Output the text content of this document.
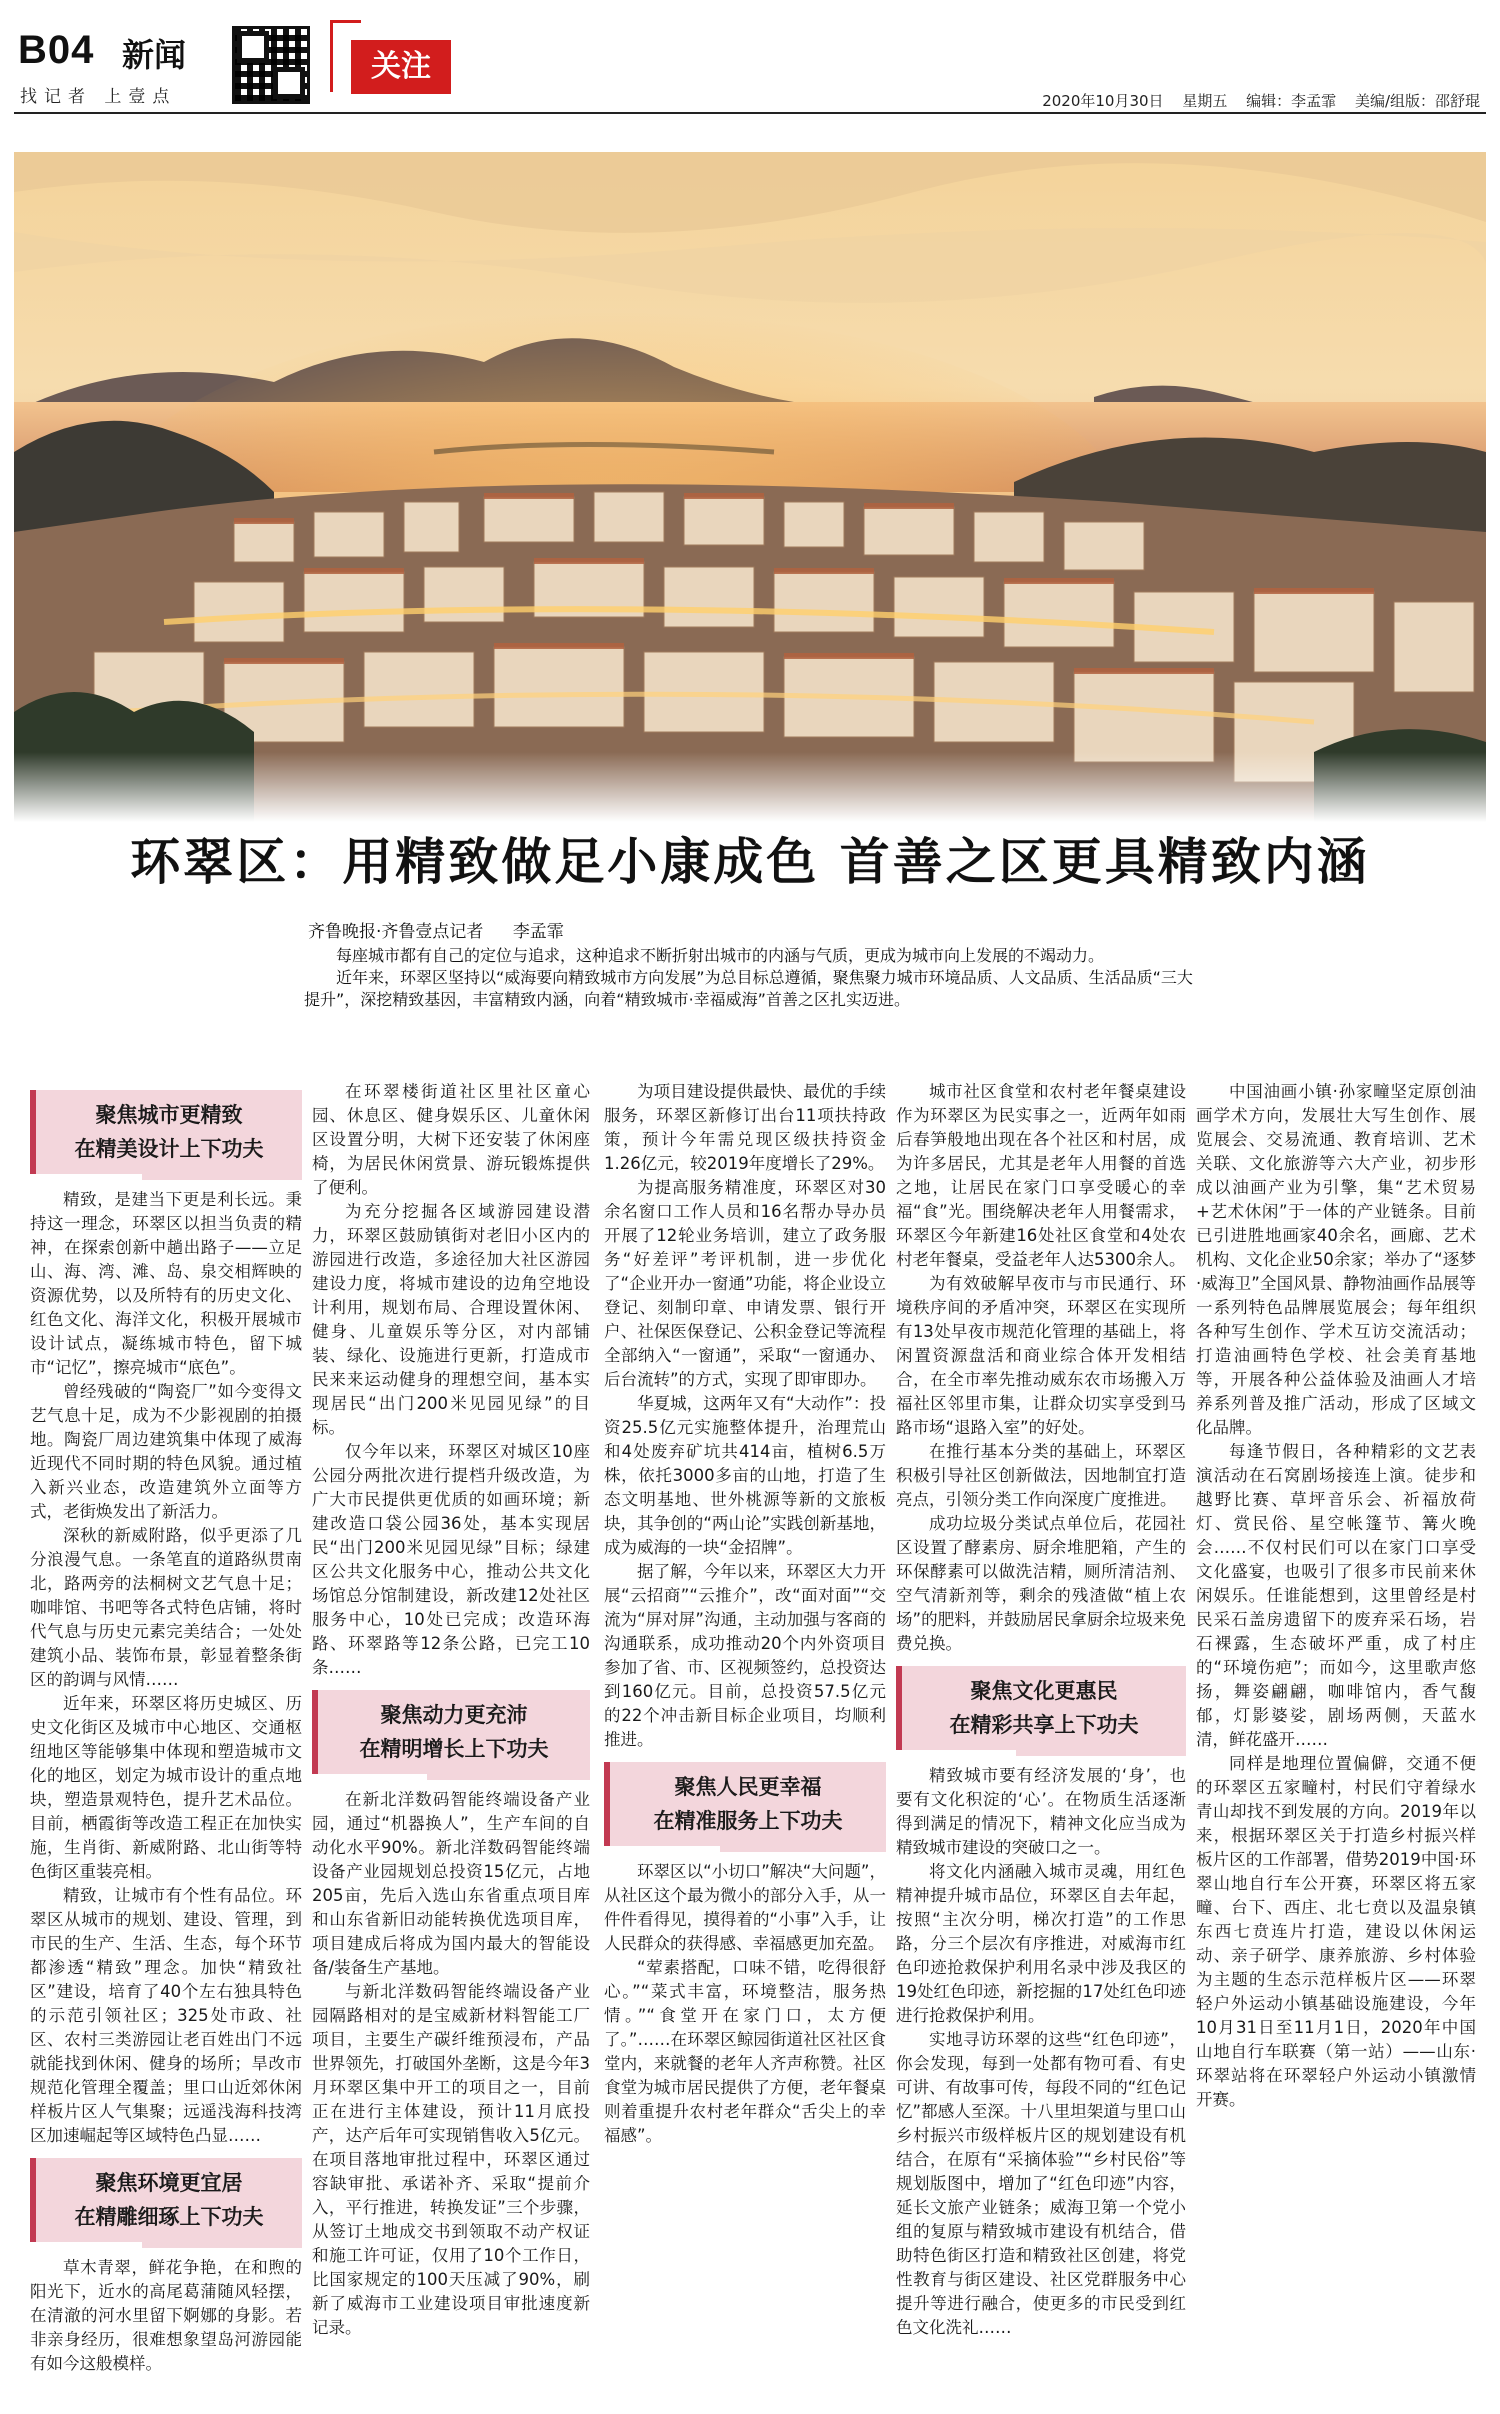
B04 新闻
找记者 上壹点
关注
2020年10月30日 星期五 编辑：李孟霏 美编/组版：邵舒琨
环翠区：用精致做足小康成色 首善之区更具精致内涵
齐鲁晚报·齐鲁壹点记者 李孟霏

每座城市都有自己的定位与追求，这种追求不断折射出城市的内涵与气质，更成为城市向上发展的不竭动力。

近年来，环翠区坚持以“威海要向精致城市方向发展”为总目标总遵循，聚焦聚力城市环境品质、人文品质、生活品质“三大提升”，深挖精致基因，丰富精致内涵，向着“精致城市·幸福威海”首善之区扎实迈进。

聚焦城市更精致
在精美设计上下功夫

精致，是建当下更是利长远。秉持这一理念，环翠区以担当负责的精神，在探索创新中趟出路子——立足山、海、湾、滩、岛、泉交相辉映的资源优势，以及所特有的历史文化、红色文化、海洋文化，积极开展城市设计试点，凝练城市特色，留下城市“记忆”，擦亮城市“底色”。

曾经残破的“陶瓷厂”如今变得文艺气息十足，成为不少影视剧的拍摄地。陶瓷厂周边建筑集中体现了威海近现代不同时期的特色风貌。通过植入新兴业态，改造建筑外立面等方式，老街焕发出了新活力。

深秋的新威附路，似乎更添了几分浪漫气息。一条笔直的道路纵贯南北，路两旁的法桐树文艺气息十足；咖啡馆、书吧等各式特色店铺，将时代气息与历史元素完美结合；一处处建筑小品、装饰布景，彰显着整条街区的韵调与风情……

近年来，环翠区将历史城区、历史文化街区及城市中心地区、交通枢纽地区等能够集中体现和塑造城市文化的地区，划定为城市设计的重点地块，塑造景观特色，提升艺术品位。目前，栖霞街等改造工程正在加快实施，生肖街、新威附路、北山街等特色街区重装亮相。

精致，让城市有个性有品位。环翠区从城市的规划、建设、管理，到市民的生产、生活、生态，每个环节都渗透“精致”理念。加快“精致社区”建设，培育了40个左右独具特色的示范引领社区；325处市政、社区、农村三类游园让老百姓出门不远就能找到休闲、健身的场所；旱改市规范化管理全覆盖；里口山近郊休闲样板片区人气集聚；远遥浅海科技湾区加速崛起等区域特色凸显……

聚焦环境更宜居
在精雕细琢上下功夫

草木青翠，鲜花争艳，在和煦的阳光下，近水的高尾葛蒲随风轻摆，在清澈的河水里留下婀娜的身影。若非亲身经历，很难想象望岛河游园能有如今这般模样。

在环翠楼街道社区里社区童心园、休息区、健身娱乐区、儿童休闲区设置分明，大树下还安装了休闲座椅，为居民休闲赏景、游玩锻炼提供了便利。

为充分挖掘各区域游园建设潜力，环翠区鼓励镇街对老旧小区内的游园进行改造，多途径加大社区游园建设力度，将城市建设的边角空地设计利用，规划布局、合理设置休闲、健身、儿童娱乐等分区，对内部铺装、绿化、设施进行更新，打造成市民来来运动健身的理想空间，基本实现居民“出门200米见园见绿”的目标。

仅今年以来，环翠区对城区10座公园分两批次进行提档升级改造，为广大市民提供更优质的如画环境；新建改造口袋公园36处，基本实现居民“出门200米见园见绿”目标；绿建区公共文化服务中心，推动公共文化场馆总分馆制建设，新改建12处社区服务中心，10处已完成；改造环海路、环翠路等12条公路，已完工10条……

聚焦动力更充沛
在精明增长上下功夫

在新北洋数码智能终端设备产业园，通过“机器换人”，生产车间的自动化水平90%。新北洋数码智能终端设备产业园规划总投资15亿元，占地205亩，先后入选山东省重点项目库和山东省新旧动能转换优选项目库，项目建成后将成为国内最大的智能设备/装备生产基地。

与新北洋数码智能终端设备产业园隔路相对的是宝威新材料智能工厂项目，主要生产碳纤维预浸布，产品世界领先，打破国外垄断，这是今年3月环翠区集中开工的项目之一，目前正在进行主体建设，预计11月底投产，达产后年可实现销售收入5亿元。在项目落地审批过程中，环翠区通过容缺审批、承诺补齐、采取“提前介入，平行推进，转换发证”三个步骤，从签订土地成交书到领取不动产权证和施工许可证，仅用了10个工作日，比国家规定的100天压减了90%，刷新了威海市工业建设项目审批速度新记录。

为项目建设提供最快、最优的手续服务，环翠区新修订出台11项扶持政策，预计今年需兑现区级扶持资金1.26亿元，较2019年度增长了29%。

为提高服务精准度，环翠区对30余名窗口工作人员和16名帮办导办员开展了12轮业务培训，建立了政务服务“好差评”考评机制，进一步优化了“企业开办一窗通”功能，将企业设立登记、刻制印章、申请发票、银行开户、社保医保登记、公积金登记等流程全部纳入“一窗通”，采取“一窗通办、后台流转”的方式，实现了即审即办。

华夏城，这两年又有“大动作”：投资25.5亿元实施整体提升，治理荒山和4处废弃矿坑共414亩，植树6.5万株，依托3000多亩的山地，打造了生态文明基地、世外桃源等新的文旅板块，其争创的“两山论”实践创新基地，成为威海的一块“金招牌”。

据了解，今年以来，环翠区大力开展“云招商”“云推介”，改“面对面”“交流为“屏对屏”沟通，主动加强与客商的沟通联系，成功推动20个内外资项目参加了省、市、区视频签约，总投资达到160亿元。目前，总投资57.5亿元的22个冲击新目标企业项目，均顺利推进。

聚焦人民更幸福
在精准服务上下功夫

环翠区以“小切口”解决“大问题”，从社区这个最为微小的部分入手，从一件件看得见，摸得着的“小事”入手，让人民群众的获得感、幸福感更加充盈。

“荤素搭配，口味不错，吃得很舒心。”“菜式丰富，环境整洁，服务热情。”“食堂开在家门口，太方便了。”……在环翠区鲸园街道社区社区食堂内，来就餐的老年人齐声称赞。社区食堂为城市居民提供了方便，老年餐桌则着重提升农村老年群众“舌尖上的幸福感”。

城市社区食堂和农村老年餐桌建设作为环翠区为民实事之一，近两年如雨后春笋般地出现在各个社区和村居，成为许多居民，尤其是老年人用餐的首选之地，让居民在家门口享受暖心的幸福“食”光。围绕解决老年人用餐需求，环翠区今年新建16处社区食堂和4处农村老年餐桌，受益老年人达5300余人。

为有效破解早夜市与市民通行、环境秩序间的矛盾冲突，环翠区在实现所有13处早夜市规范化管理的基础上，将闲置资源盘活和商业综合体开发相结合，在全市率先推动威东农市场搬入万福社区邻里市集，让群众切实享受到马路市场“退路入室”的好处。

在推行基本分类的基础上，环翠区积极引导社区创新做法，因地制宜打造亮点，引领分类工作向深度广度推进。

成功垃圾分类试点单位后，花园社区设置了酵素房、厨余堆肥箱，产生的环保酵素可以做洗洁精，厕所清洁剂、空气清新剂等，剩余的残渣做“植上农场”的肥料，并鼓励居民拿厨余垃圾来免费兑换。

聚焦文化更惠民
在精彩共享上下功夫

精致城市要有经济发展的‘身’，也要有文化积淀的‘心’。在物质生活逐渐得到满足的情况下，精神文化应当成为精致城市建设的突破口之一。

将文化内涵融入城市灵魂，用红色精神提升城市品位，环翠区自去年起，按照“主次分明，梯次打造”的工作思路，分三个层次有序推进，对威海市红色印迹抢救保护利用名录中涉及我区的19处红色印迹，新挖掘的17处红色印迹进行抢救保护利用。

实地寻访环翠的这些“红色印迹”，你会发现，每到一处都有物可看、有史可讲、有故事可传，每段不同的“红色记忆”都感人至深。十八里坦架道与里口山乡村振兴市级样板片区的规划建设有机结合，在原有“采摘体验”“乡村民俗”等规划版图中，增加了“红色印迹”内容，延长文旅产业链条；威海卫第一个党小组的复原与精致城市建设有机结合，借助特色街区打造和精致社区创建，将党性教育与街区建设、社区党群服务中心提升等进行融合，使更多的市民受到红色文化洗礼……

中国油画小镇·孙家疃坚定原创油画学术方向，发展壮大写生创作、展览展会、交易流通、教育培训、艺术关联、文化旅游等六大产业，初步形成以油画产业为引擎，集“艺术贸易+艺术休闲”于一体的产业链条。目前已引进胜地画家40余名，画廊、艺术机构、文化企业50余家；举办了“逐梦·威海卫”全国风景、静物油画作品展等一系列特色品牌展览展会；每年组织各种写生创作、学术互访交流活动；打造油画特色学校、社会美育基地等，开展各种公益体验及油画人才培养系列普及推广活动，形成了区域文化品牌。

每逢节假日，各种精彩的文艺表演活动在石窝剧场接连上演。徒步和越野比赛、草坪音乐会、祈福放荷灯、赏民俗、星空帐篷节、篝火晚会……不仅村民们可以在家门口享受文化盛宴，也吸引了很多市民前来休闲娱乐。任谁能想到，这里曾经是村民采石盖房遗留下的废弃采石场，岩石裸露，生态破坏严重，成了村庄的“环境伤疤”；而如今，这里歌声悠扬，舞姿翩翩，咖啡馆内，香气馥郁，灯影婆娑，剧场两侧，天蓝水清，鲜花盛开……

同样是地理位置偏僻，交通不便的环翠区五家疃村，村民们守着绿水青山却找不到发展的方向。2019年以来，根据环翠区关于打造乡村振兴样板片区的工作部署，借势2019中国·环翠山地自行车公开赛，环翠区将五家疃、台下、西庄、北七贲以及温泉镇东西七贲连片打造，建设以休闲运动、亲子研学、康养旅游、乡村体验为主题的生态示范样板片区——环翠轻户外运动小镇基础设施建设，今年10月31日至11月1日，2020年中国山地自行车联赛（第一站）——山东·环翠站将在环翠轻户外运动小镇激情开赛。
